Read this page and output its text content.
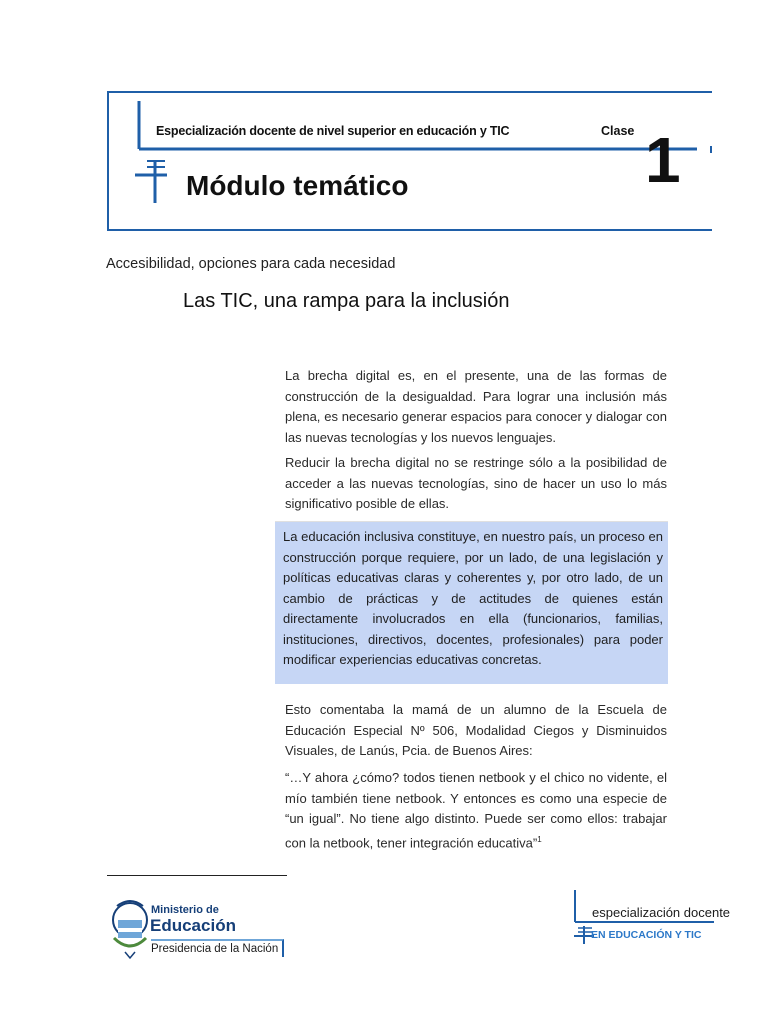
Especialización docente de nivel superior en educación y TIC	Clase 1
Módulo temático
Accesibilidad, opciones para cada necesidad
Las TIC, una rampa para la inclusión

La brecha digital es, en el presente, una de las formas de construcción de la desigualdad. Para lograr una inclusión más plena, es necesario generar espacios para conocer y dialogar con las nuevas tecnologías y los nuevos lenguajes.

Reducir la brecha digital no se restringe sólo a la posibilidad de acceder a las nuevas tecnologías, sino de hacer un uso lo más significativo posible de ellas.

La educación inclusiva constituye, en nuestro país, un proceso en construcción porque requiere, por un lado, de una legislación y políticas educativas claras y coherentes y, por otro lado, de un cambio de prácticas y de actitudes de quienes están directamente involucrados en ella (funcionarios, familias, instituciones, directivos, docentes, profesionales) para poder modificar experiencias educativas concretas.

Esto comentaba la mamá de un alumno de la Escuela de Educación Especial Nº 506, Modalidad Ciegos y Disminuidos Visuales, de Lanús, Pcia. de Buenos Aires:

“…Y ahora ¿cómo? todos tienen netbook y el chico no vidente, el mío también tiene netbook. Y entonces es como una especie de “un igual”. No tiene algo distinto. Puede ser como ellos: trabajar con la netbook, tener integración educativa”$^1$

Ministerio de
Educación
Presidencia de la Nación
especialización docente
EN EDUCACIÓN Y TIC
